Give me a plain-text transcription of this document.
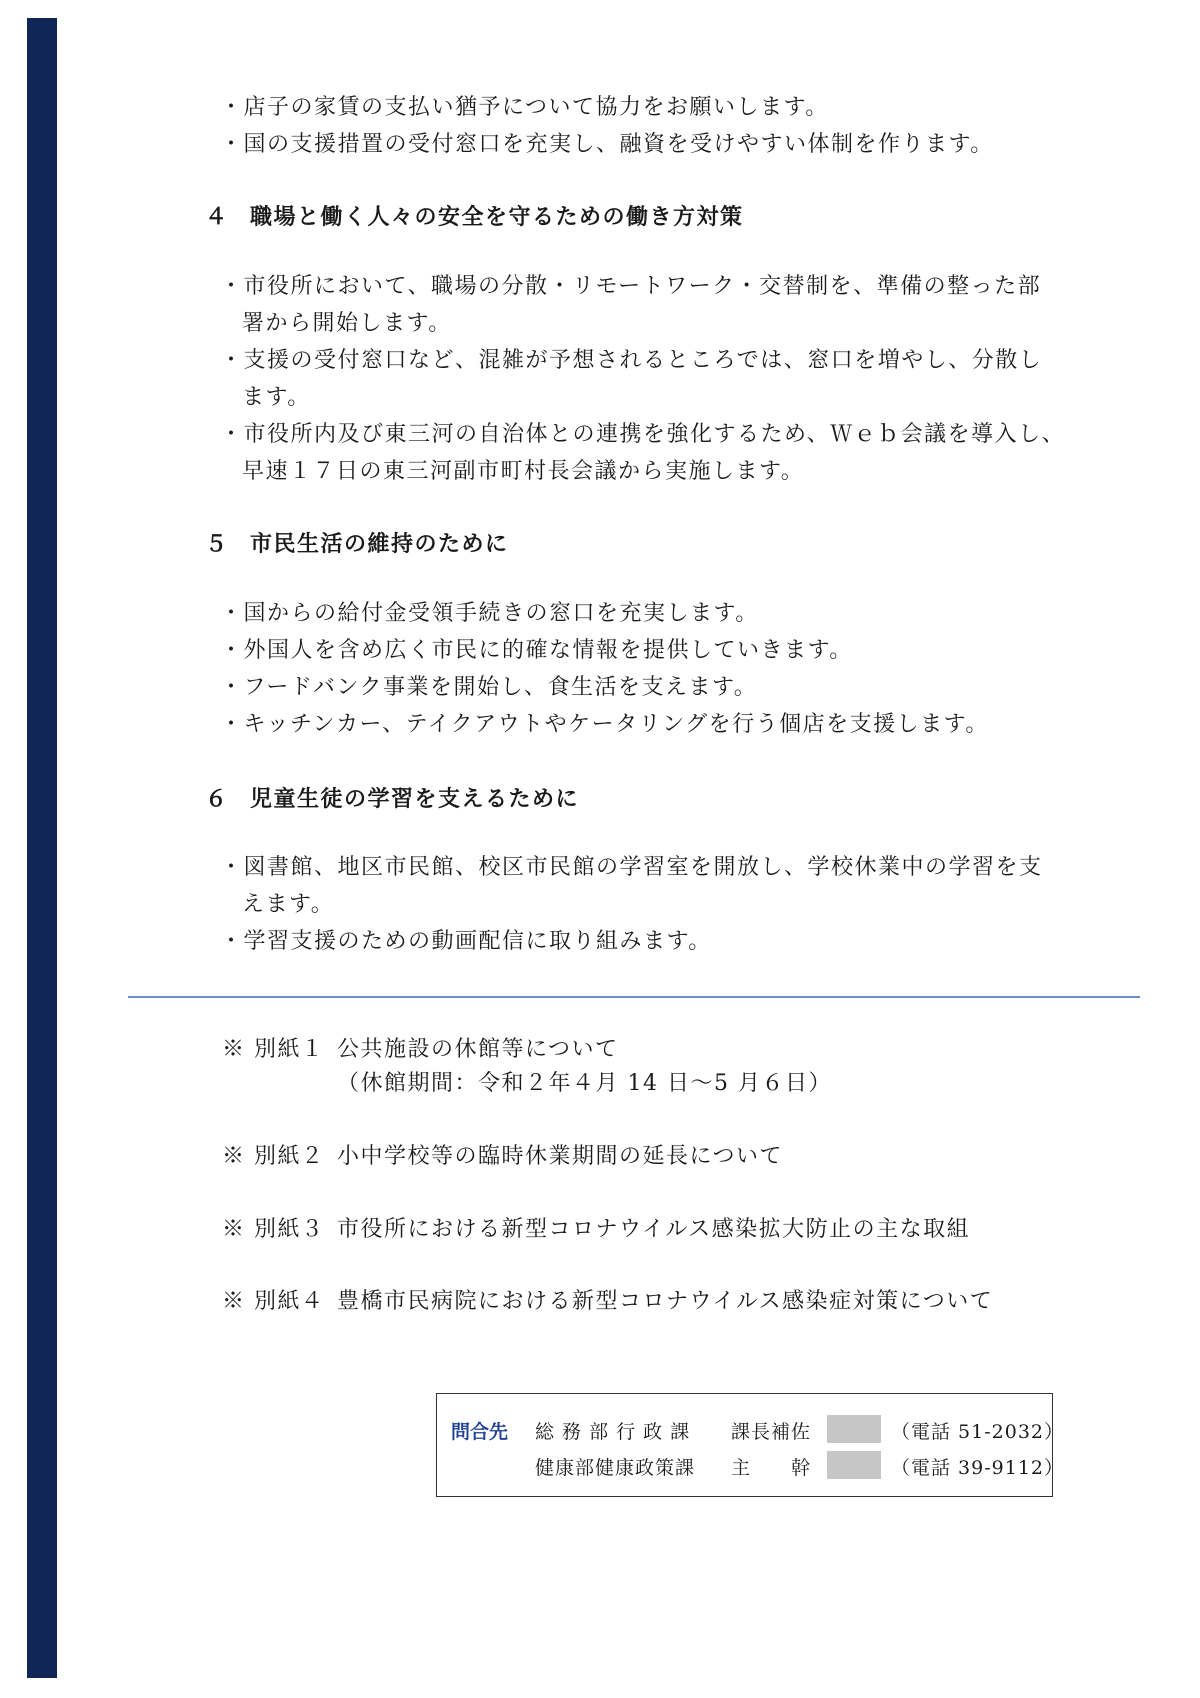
・店子の家賃の支払い猶予について協力をお願いします。
・国の支援措置の受付窓口を充実し、融資を受けやすい体制を作ります。
４ 職場と働く人々の安全を守るための働き方対策
・市役所において、職場の分散・リモートワーク・交替制を、準備の整った部
署から開始します。
・支援の受付窓口など、混雑が予想されるところでは、窓口を増やし、分散し
ます。
・市役所内及び東三河の自治体との連携を強化するため、Ｗｅｂ会議を導入し、
早速１７日の東三河副市町村長会議から実施します。
５ 市民生活の維持のために
・国からの給付金受領手続きの窓口を充実します。
・外国人を含め広く市民に的確な情報を提供していきます。
・フードバンク事業を開始し、食生活を支えます。
・キッチンカー、テイクアウトやケータリングを行う個店を支援します。
６ 児童生徒の学習を支えるために
・図書館、地区市民館、校区市民館の学習室を開放し、学校休業中の学習を支
えます。
・学習支援のための動画配信に取り組みます。
※ 別紙１ 公共施設の休館等について
（休館期間：令和２年４月 14 日～5 月６日）
※ 別紙２ 小中学校等の臨時休業期間の延長について
※ 別紙３ 市役所における新型コロナウイルス感染拡大防止の主な取組
※ 別紙４ 豊橋市民病院における新型コロナウイルス感染症対策について
問合先 総 務 部 行 政 課 課長補佐	（電話 51-2032）
健康部健康政策課 主　　幹	（電話 39-9112）
